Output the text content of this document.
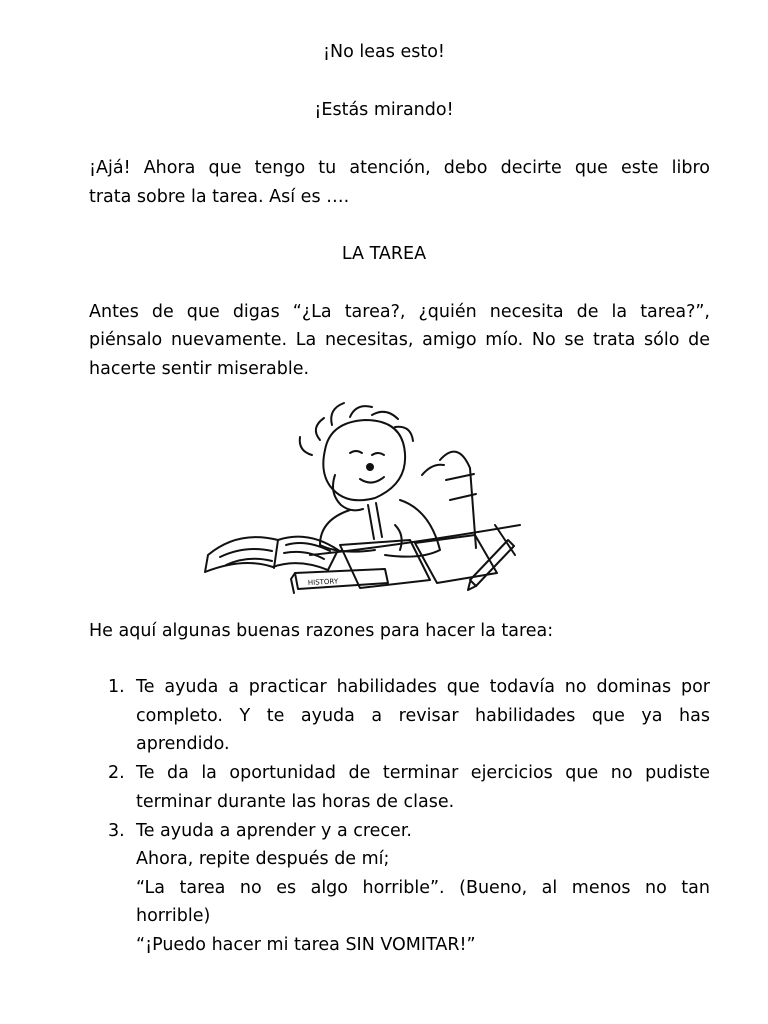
¡No leas esto!
¡Estás mirando!
¡Ajá! Ahora que tengo tu atención, debo decirte que este libro
trata sobre la tarea. Así es ….
LA TAREA
Antes de que digas “¿La tarea?, ¿quién necesita de la tarea?”,
piénsalo nuevamente. La necesitas, amigo mío. No se trata sólo de
hacerte sentir miserable.
HISTORY
He aquí algunas buenas razones para hacer la tarea:
1. Te ayuda a practicar habilidades que todavía no dominas por
completo. Y te ayuda a revisar habilidades que ya has
aprendido.
2. Te da la oportunidad de terminar ejercicios que no pudiste
terminar durante las horas de clase.
3. Te ayuda a aprender y a crecer.
Ahora, repite después de mí;
“La tarea no es algo horrible”. (Bueno, al menos no tan
horrible)
“¡Puedo hacer mi tarea SIN VOMITAR!”
